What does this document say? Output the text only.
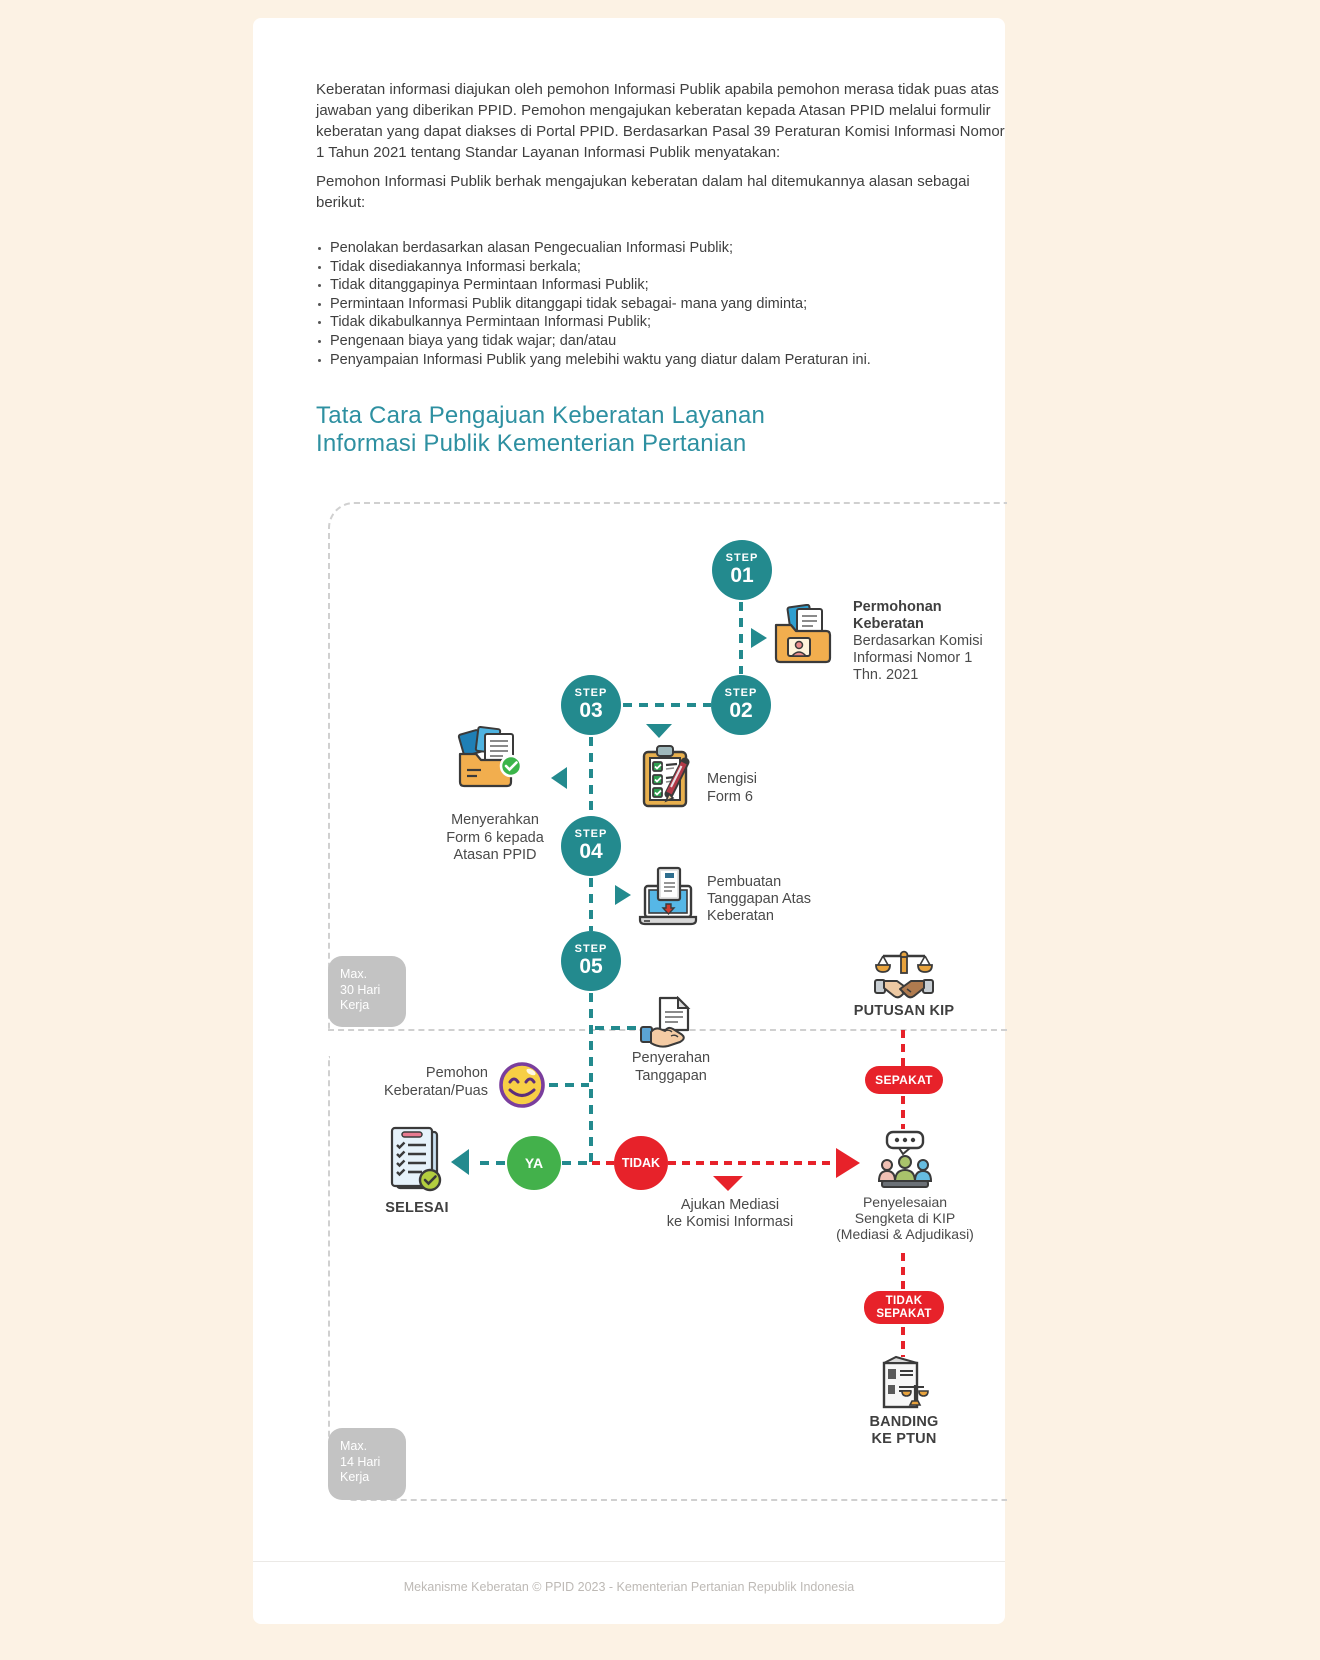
Keberatan informasi diajukan oleh pemohon Informasi Publik apabila pemohon merasa tidak puas atas jawaban yang diberikan PPID. Pemohon mengajukan keberatan kepada Atasan PPID melalui formulir keberatan yang dapat diakses di Portal PPID. Berdasarkan Pasal 39 Peraturan Komisi Informasi Nomor 1 Tahun 2021 tentang Standar Layanan Informasi Publik menyatakan:
Pemohon Informasi Publik berhak mengajukan keberatan dalam hal ditemukannya alasan sebagai berikut:
Penolakan berdasarkan alasan Pengecualian Informasi Publik;
Tidak disediakannya Informasi berkala;
Tidak ditanggapinya Permintaan Informasi Publik;
Permintaan Informasi Publik ditanggapi tidak sebagai- mana yang diminta;
Tidak dikabulkannya Permintaan Informasi Publik;
Pengenaan biaya yang tidak wajar; dan/atau
Penyampaian Informasi Publik yang melebihi waktu yang diatur dalam Peraturan ini.
Tata Cara Pengajuan Keberatan Layanan
Informasi Publik Kementerian Pertanian
Max.
30 Hari
Kerja
Max.
14 Hari
Kerja
STEP
01
STEP
02
STEP
03
STEP
04
STEP
05
Permohonan
Keberatan
Berdasarkan Komisi
Informasi Nomor 1
Thn. 2021
Mengisi
Form 6
Menyerahkan
Form 6 kepada
Atasan PPID
Pembuatan
Tanggapan Atas
Keberatan
Penyerahan
Tanggapan
Pemohon
Keberatan/Puas
SELESAI	Ajukan Mediasi
ke Komisi Informasi
PUTUSAN KIP
Penyelesaian
Sengketa di KIP
(Mediasi & Adjudikasi)
BANDING
KE PTUN
YA	TIDAK
SEPAKAT
TIDAK
SEPAKAT
Mekanisme Keberatan © PPID 2023 - Kementerian Pertanian Republik Indonesia
